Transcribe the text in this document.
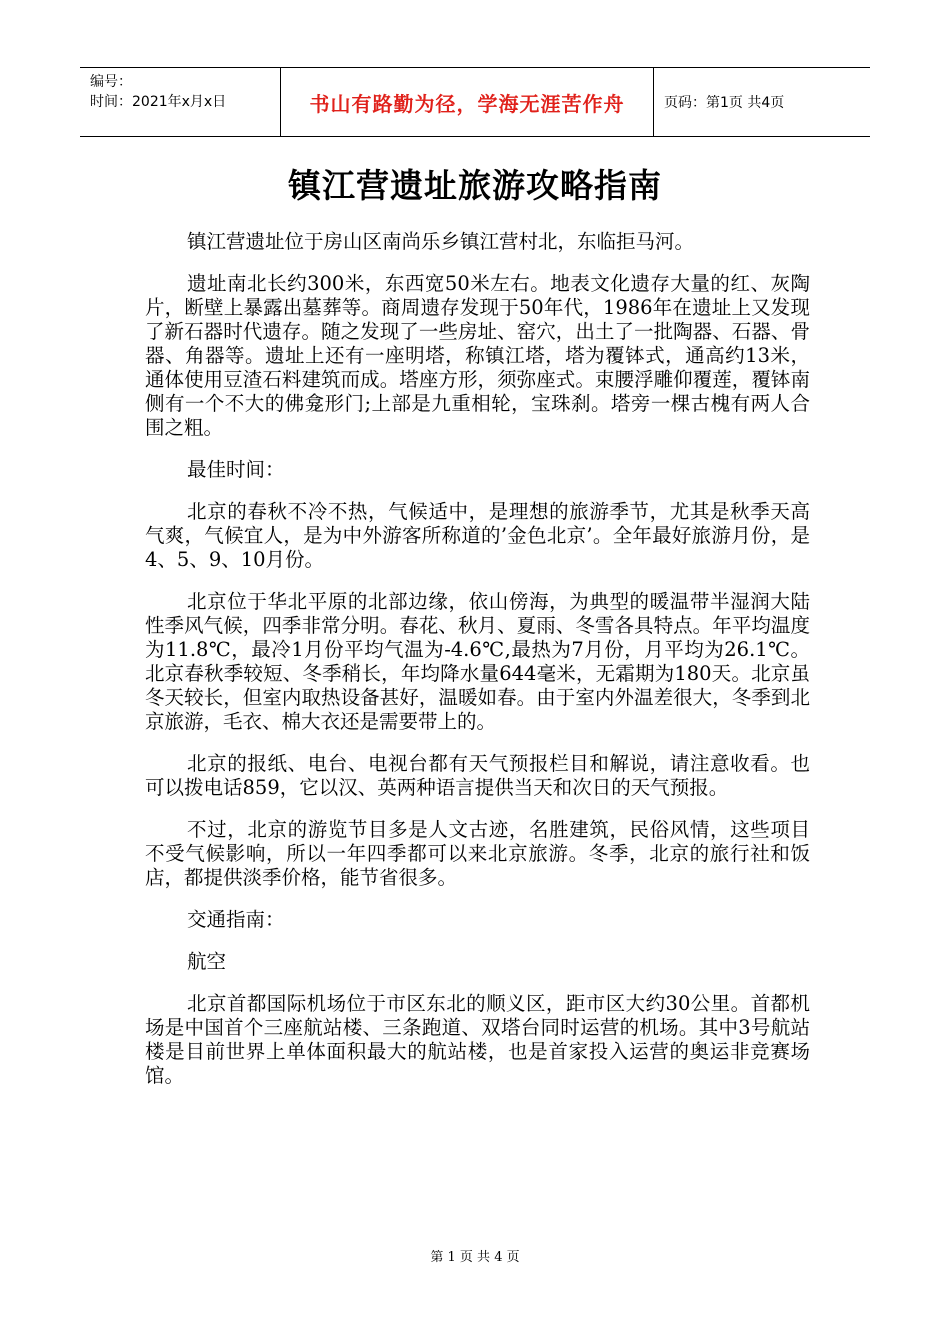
编号：
时间：2021年x月x日	书山有路勤为径，学海无涯苦作舟	页码：第1页 共4页
镇江营遗址旅游攻略指南

镇江营遗址位于房山区南尚乐乡镇江营村北，东临拒马河。

遗址南北长约300米，东西宽50米左右。地表文化遗存大量的红、灰陶片，断壁上暴露出墓葬等。商周遗存发现于50年代，1986年在遗址上又发现了新石器时代遗存。随之发现了一些房址、窑穴，出土了一批陶器、石器、骨器、角器等。遗址上还有一座明塔，称镇江塔，塔为覆钵式，通高约13米，通体使用豆渣石料建筑而成。塔座方形，须弥座式。束腰浮雕仰覆莲，覆钵南侧有一个不大的佛龛形门;上部是九重相轮，宝珠刹。塔旁一棵古槐有两人合围之粗。

最佳时间：

北京的春秋不冷不热，气候适中，是理想的旅游季节，尤其是秋季天高气爽，气候宜人，是为中外游客所称道的’金色北京’。全年最好旅游月份，是4、5、9、10月份。

北京位于华北平原的北部边缘，依山傍海，为典型的暖温带半湿润大陆性季风气候，四季非常分明。春花、秋月、夏雨、冬雪各具特点。年平均温度为11.8℃，最冷1月份平均气温为-4.6℃,最热为7月份，月平均为26.1℃。北京春秋季较短、冬季稍长，年均降水量644毫米，无霜期为180天。北京虽冬天较长，但室内取热设备甚好，温暖如春。由于室内外温差很大，冬季到北京旅游，毛衣、棉大衣还是需要带上的。

北京的报纸、电台、电视台都有天气预报栏目和解说，请注意收看。也可以拨电话859，它以汉、英两种语言提供当天和次日的天气预报。

不过，北京的游览节目多是人文古迹，名胜建筑，民俗风情，这些项目不受气候影响，所以一年四季都可以来北京旅游。冬季，北京的旅行社和饭店，都提供淡季价格，能节省很多。

交通指南：

航空

北京首都国际机场位于市区东北的顺义区，距市区大约30公里。首都机场是中国首个三座航站楼、三条跑道、双塔台同时运营的机场。其中3号航站楼是目前世界上单体面积最大的航站楼，也是首家投入运营的奥运非竞赛场馆。

第 1 页 共 4 页
